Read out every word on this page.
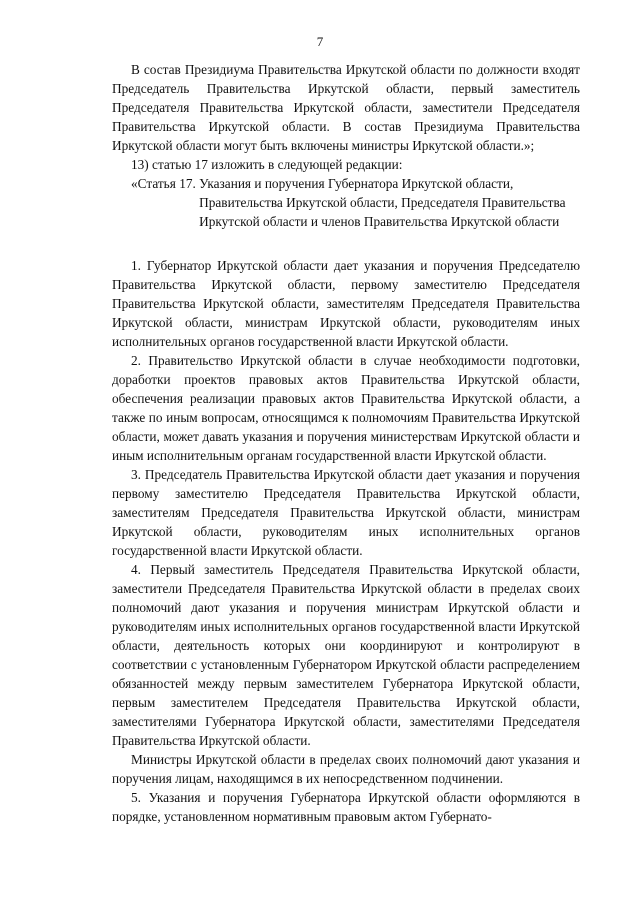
7

В состав Президиума Правительства Иркутской области по должности входят Председатель Правительства Иркутской области, первый заместитель Председателя Правительства Иркутской области, заместители Председателя Правительства Иркутской области. В состав Президиума Правительства Иркутской области могут быть включены министры Иркутской области.»;

13) статью 17 изложить в следующей редакции:

«Статья 17.
Указания и поручения Губернатора Иркутской области, Правительства Иркутской области, Председателя Правительства Иркутской области и членов Правительства Иркутской области

1. Губернатор Иркутской области дает указания и поручения Председателю Правительства Иркутской области, первому заместителю Председателя Правительства Иркутской области, заместителям Председателя Правительства Иркутской области, министрам Иркутской области, руководителям иных исполнительных органов государственной власти Иркутской области.

2. Правительство Иркутской области в случае необходимости подготовки, доработки проектов правовых актов Правительства Иркутской области, обеспечения реализации правовых актов Правительства Иркутской области, а также по иным вопросам, относящимся к полномочиям Правительства Иркутской области, может давать указания и поручения министерствам Иркутской области и иным исполнительным органам государственной власти Иркутской области.

3. Председатель Правительства Иркутской области дает указания и поручения первому заместителю Председателя Правительства Иркутской области, заместителям Председателя Правительства Иркутской области, министрам Иркутской области, руководителям иных исполнительных органов государственной власти Иркутской области.

4. Первый заместитель Председателя Правительства Иркутской области, заместители Председателя Правительства Иркутской области в пределах своих полномочий дают указания и поручения министрам Иркутской области и руководителям иных исполнительных органов государственной власти Иркутской области, деятельность которых они координируют и контролируют в соответствии с установленным Губернатором Иркутской области распределением обязанностей между первым заместителем Губернатора Иркутской области, первым заместителем Председателя Правительства Иркутской области, заместителями Губернатора Иркутской области, заместителями Председателя Правительства Иркутской области.

Министры Иркутской области в пределах своих полномочий дают указания и поручения лицам, находящимся в их непосредственном подчинении.

5. Указания и поручения Губернатора Иркутской области оформляются в порядке, установленном нормативным правовым актом Губернато-
